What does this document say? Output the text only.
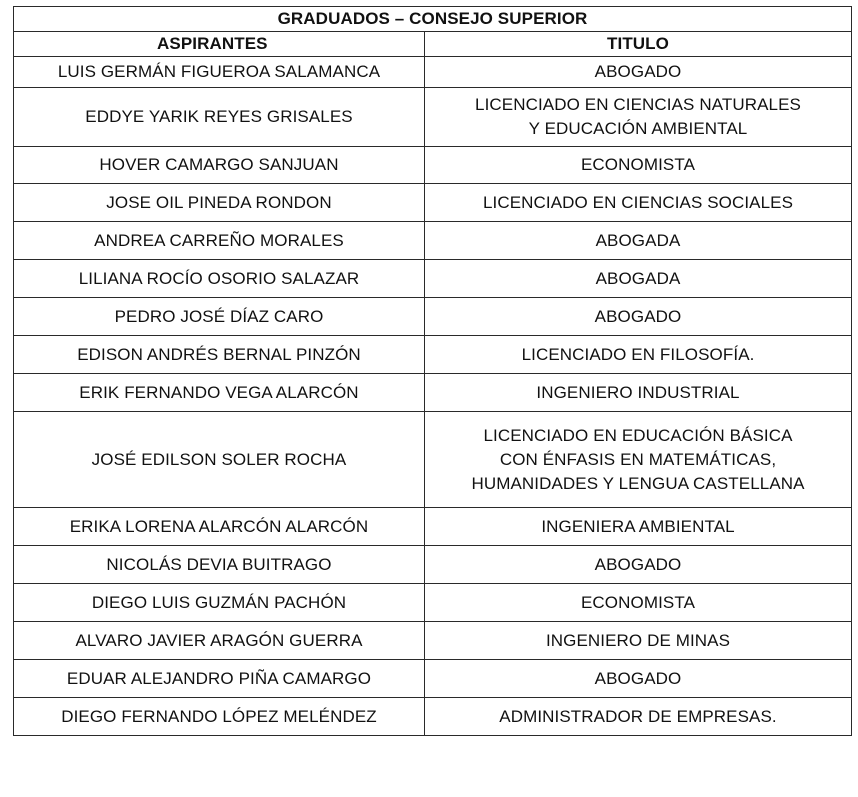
GRADUADOS – CONSEJO SUPERIOR	
ASPIRANTES	TITULO
LUIS GERMÁN FIGUEROA SALAMANCA	ABOGADO
EDDYE YARIK REYES GRISALES	LICENCIADO EN CIENCIAS NATURALES
Y EDUCACIÓN AMBIENTAL
HOVER CAMARGO SANJUAN	ECONOMISTA
JOSE OIL PINEDA RONDON	LICENCIADO EN CIENCIAS SOCIALES
ANDREA CARREÑO MORALES	ABOGADA
LILIANA ROCÍO OSORIO SALAZAR	ABOGADA
PEDRO JOSÉ DÍAZ CARO	ABOGADO
EDISON ANDRÉS BERNAL PINZÓN	LICENCIADO EN FILOSOFÍA.
ERIK FERNANDO VEGA ALARCÓN	INGENIERO INDUSTRIAL
JOSÉ EDILSON SOLER ROCHA	LICENCIADO EN EDUCACIÓN BÁSICA
CON ÉNFASIS EN MATEMÁTICAS,
HUMANIDADES Y LENGUA CASTELLANA
ERIKA LORENA ALARCÓN ALARCÓN	INGENIERA AMBIENTAL
NICOLÁS DEVIA BUITRAGO	ABOGADO
DIEGO LUIS GUZMÁN PACHÓN	ECONOMISTA
ALVARO JAVIER ARAGÓN GUERRA	INGENIERO DE MINAS
EDUAR ALEJANDRO PIÑA CAMARGO	ABOGADO
DIEGO FERNANDO LÓPEZ MELÉNDEZ	ADMINISTRADOR DE EMPRESAS.
